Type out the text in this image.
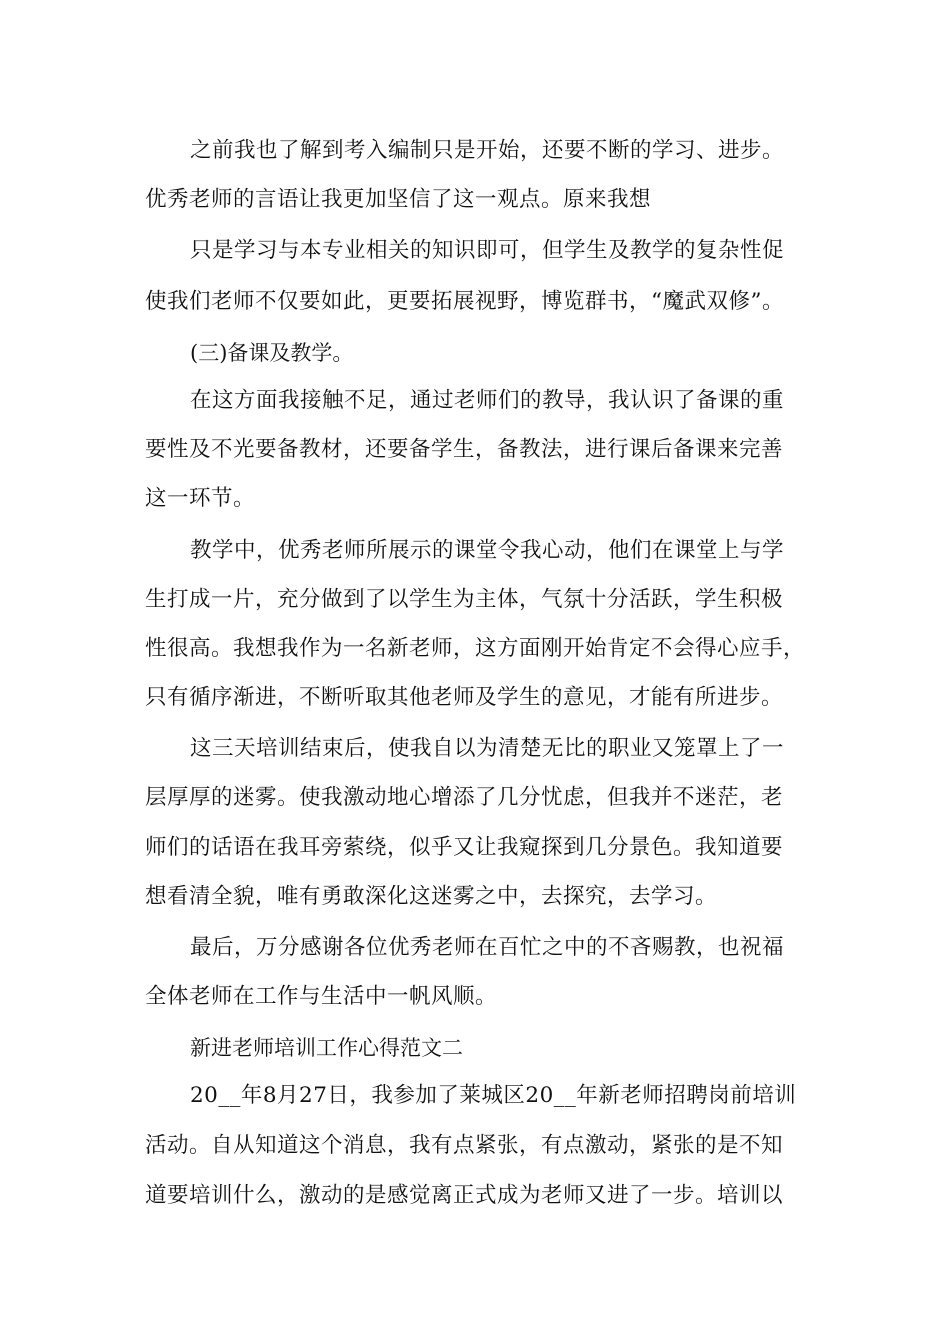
之前我也了解到考入编制只是开始，还要不断的学习、进步。
优秀老师的言语让我更加坚信了这一观点。原来我想
只是学习与本专业相关的知识即可，但学生及教学的复杂性促
使我们老师不仅要如此，更要拓展视野，博览群书，“魔武双修”。
(三)备课及教学。
在这方面我接触不足，通过老师们的教导，我认识了备课的重
要性及不光要备教材，还要备学生，备教法，进行课后备课来完善
这一环节。
教学中，优秀老师所展示的课堂令我心动，他们在课堂上与学
生打成一片，充分做到了以学生为主体，气氛十分活跃，学生积极
性很高。我想我作为一名新老师，这方面刚开始肯定不会得心应手，
只有循序渐进，不断听取其他老师及学生的意见，才能有所进步。
这三天培训结束后，使我自以为清楚无比的职业又笼罩上了一
层厚厚的迷雾。使我激动地心增添了几分忧虑，但我并不迷茫，老
师们的话语在我耳旁萦绕，似乎又让我窥探到几分景色。我知道要
想看清全貌，唯有勇敢深化这迷雾之中，去探究，去学习。
最后，万分感谢各位优秀老师在百忙之中的不吝赐教，也祝福
全体老师在工作与生活中一帆风顺。
新进老师培训工作心得范文二
20__年8月27日，我参加了莱城区20__年新老师招聘岗前培训
活动。自从知道这个消息，我有点紧张，有点激动，紧张的是不知
道要培训什么，激动的是感觉离正式成为老师又进了一步。培训以
